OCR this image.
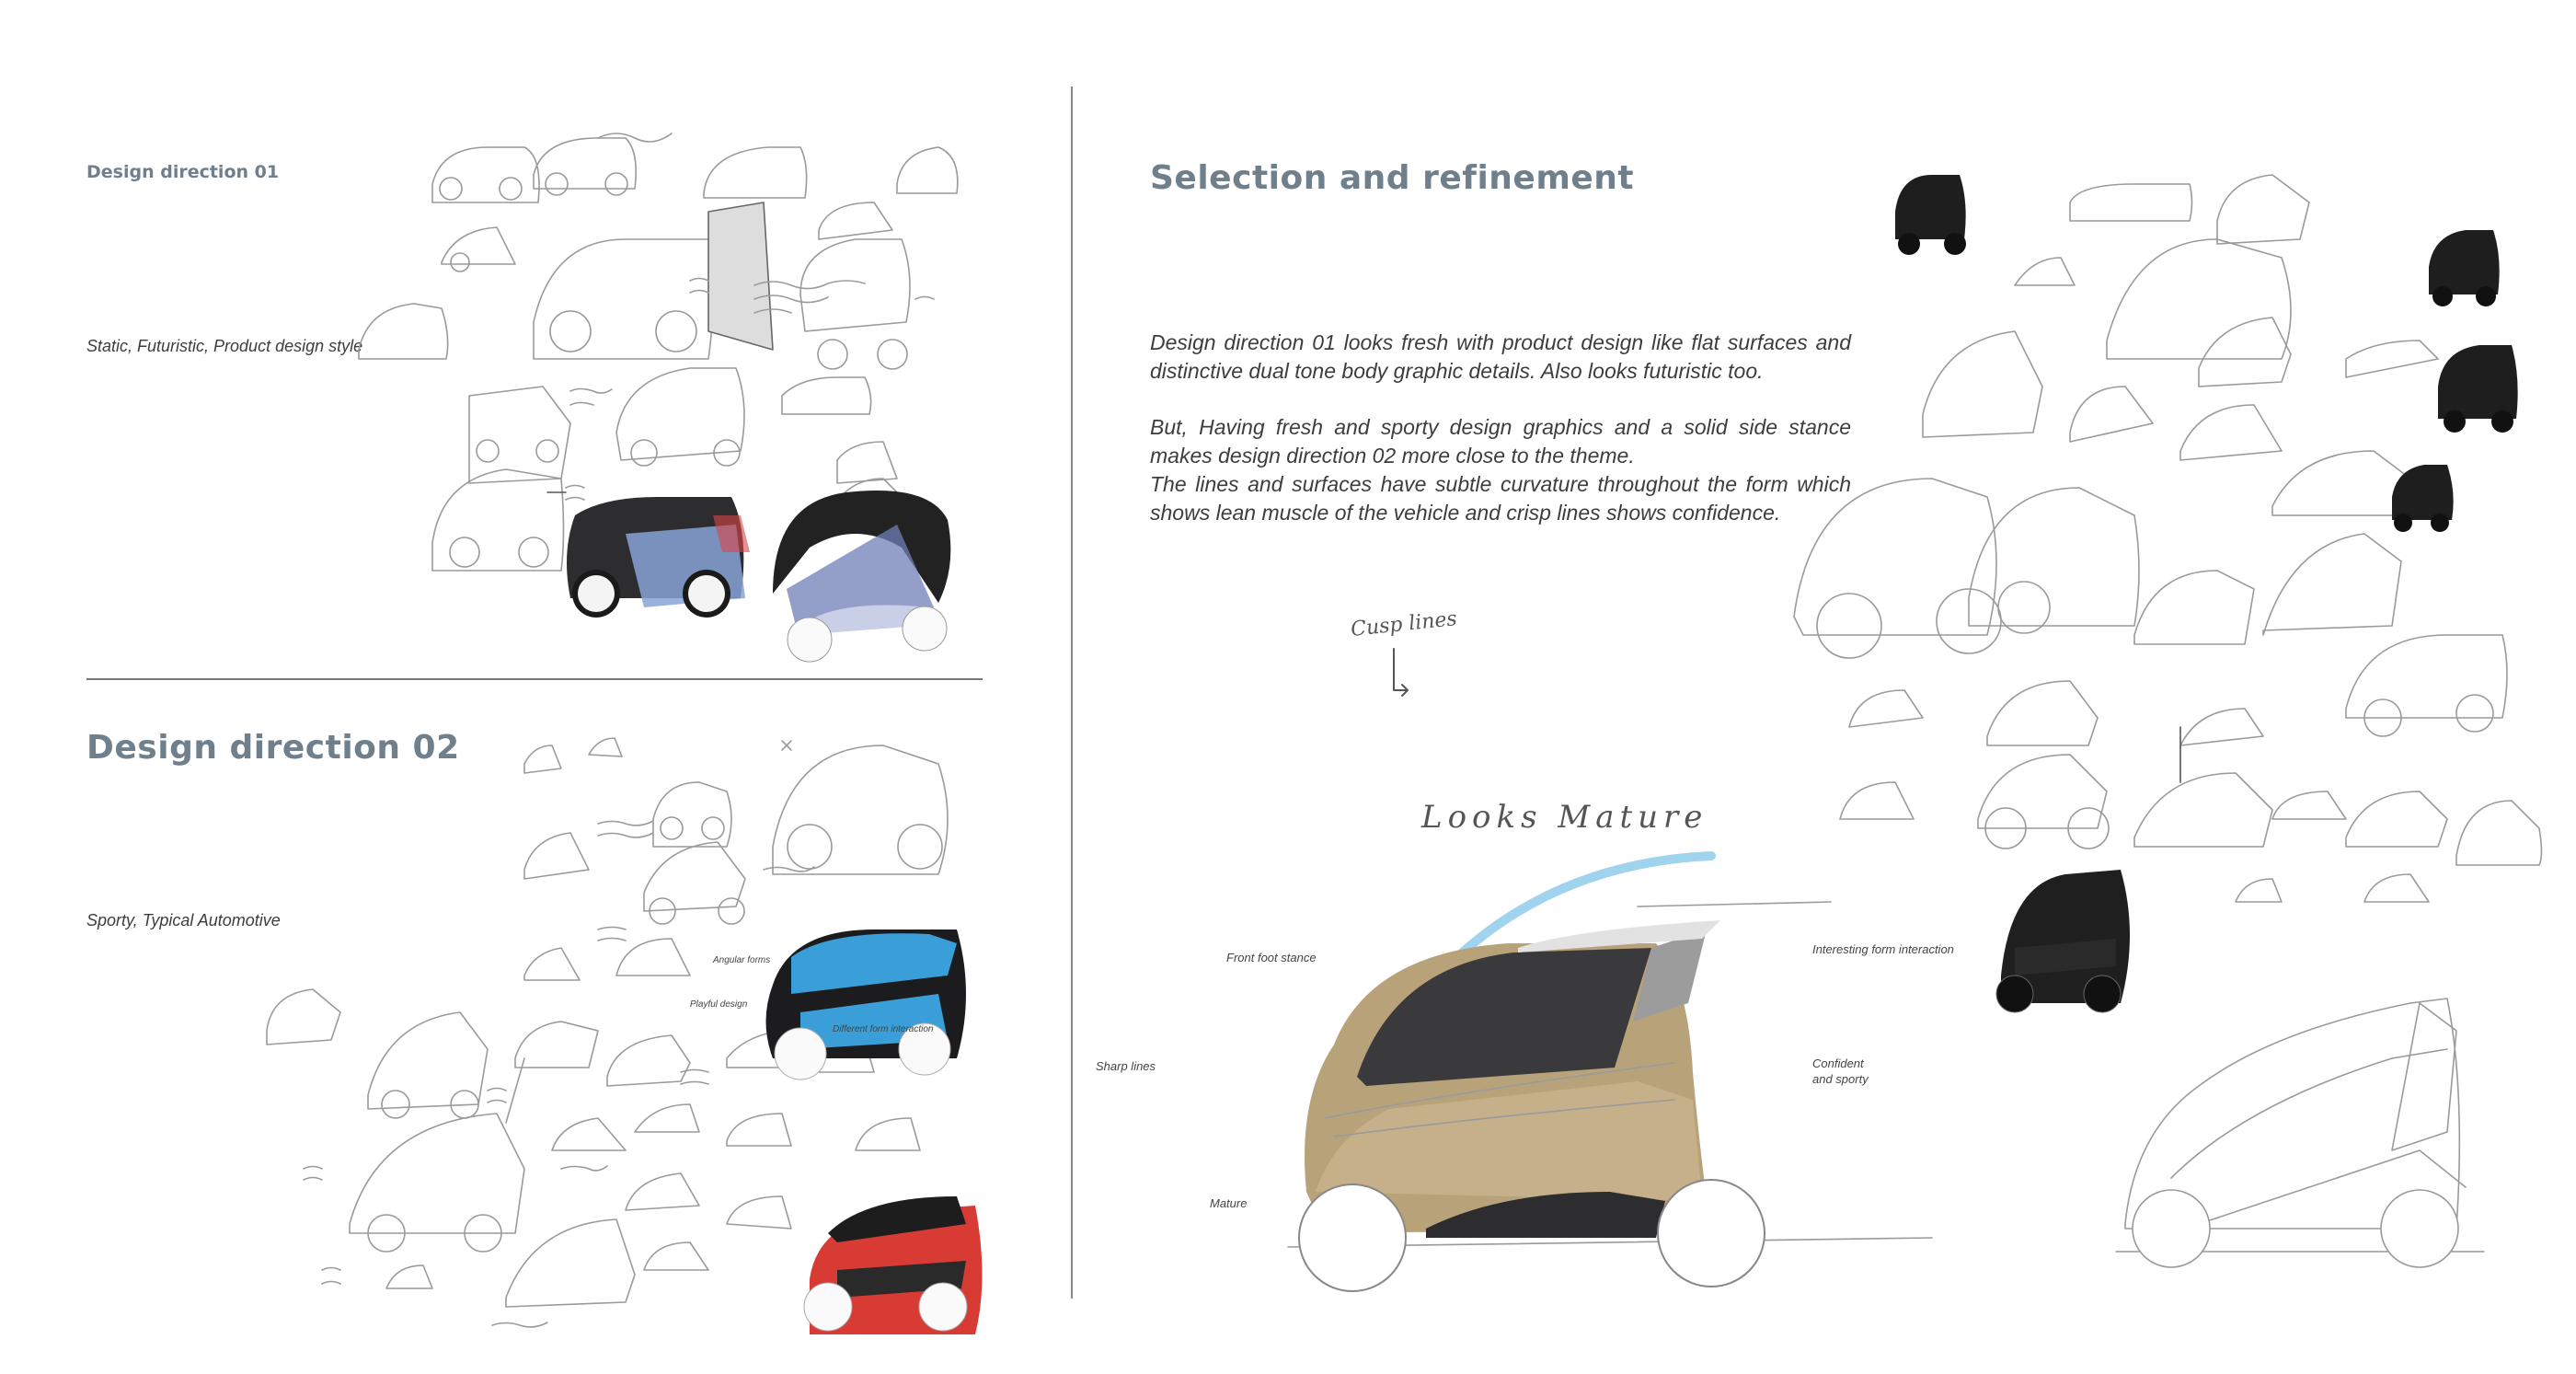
Design direction 01
Static, Futuristic, Product design style
Design direction 02
Sporty, Typical Automotive
Angular forms
Playful design
Different form interaction
Selection and refinement

Design direction 01 looks fresh with product design like flat surfaces and distinctive dual tone body graphic details. Also looks futuristic too.

But, Having fresh and sporty design graphics and a solid side stance makes design direction 02 more close to the theme.
The lines and surfaces have subtle curvature throughout the form which shows lean muscle of the vehicle and crisp lines shows confidence.
Cusp lines
Looks Mature
Front foot stance
Sharp lines
Mature
Interesting form interaction
Confident and sporty
